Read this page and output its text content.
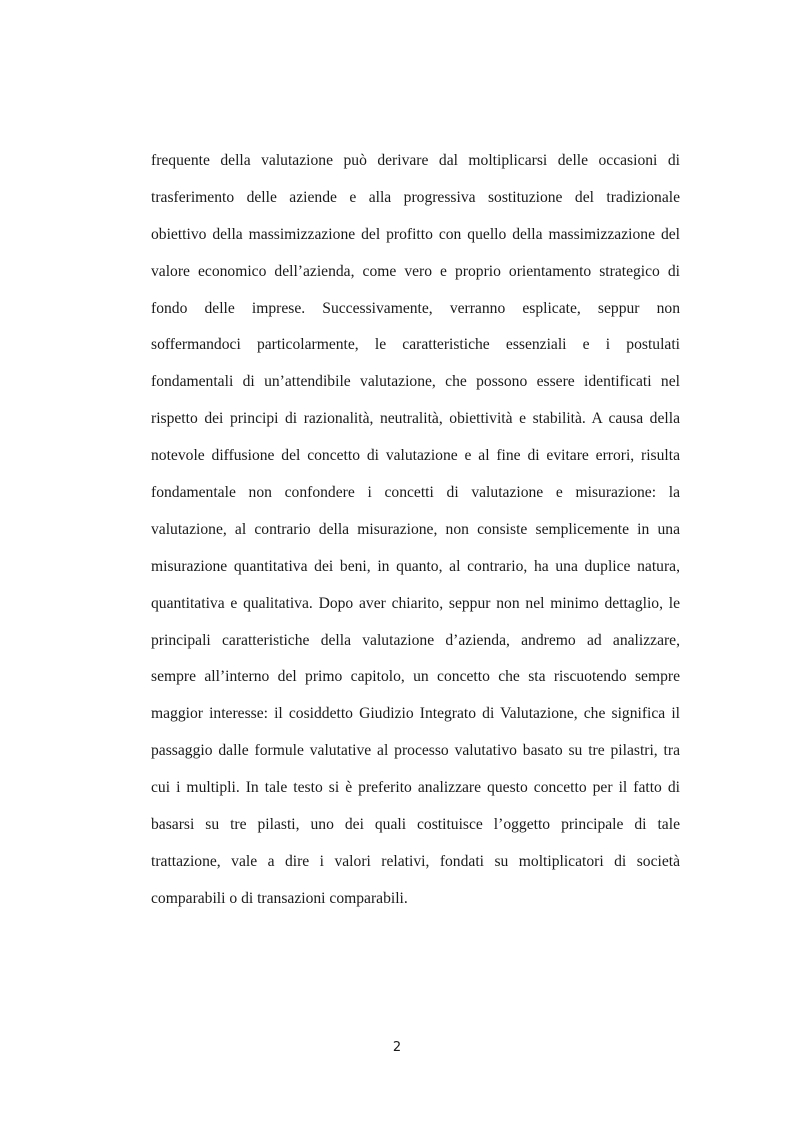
frequente della valutazione può derivare dal moltiplicarsi delle occasioni di
trasferimento delle aziende e alla progressiva sostituzione del tradizionale
obiettivo della massimizzazione del profitto con quello della massimizzazione del
valore economico dell’azienda, come vero e proprio orientamento strategico di
fondo delle imprese. Successivamente, verranno esplicate, seppur non
soffermandoci particolarmente, le caratteristiche essenziali e i postulati
fondamentali di un’attendibile valutazione, che possono essere identificati nel
rispetto dei principi di razionalità, neutralità, obiettività e stabilità. A causa della
notevole diffusione del concetto di valutazione e al fine di evitare errori, risulta
fondamentale non confondere i concetti di valutazione e misurazione: la
valutazione, al contrario della misurazione, non consiste semplicemente in una
misurazione quantitativa dei beni, in quanto, al contrario, ha una duplice natura,
quantitativa e qualitativa. Dopo aver chiarito, seppur non nel minimo dettaglio, le
principali caratteristiche della valutazione d’azienda, andremo ad analizzare,
sempre all’interno del primo capitolo, un concetto che sta riscuotendo sempre
maggior interesse: il cosiddetto Giudizio Integrato di Valutazione, che significa il
passaggio dalle formule valutative al processo valutativo basato su tre pilastri, tra
cui i multipli. In tale testo si è preferito analizzare questo concetto per il fatto di
basarsi su tre pilasti, uno dei quali costituisce l’oggetto principale di tale
trattazione, vale a dire i valori relativi, fondati su moltiplicatori di società
comparabili o di transazioni comparabili.
2
